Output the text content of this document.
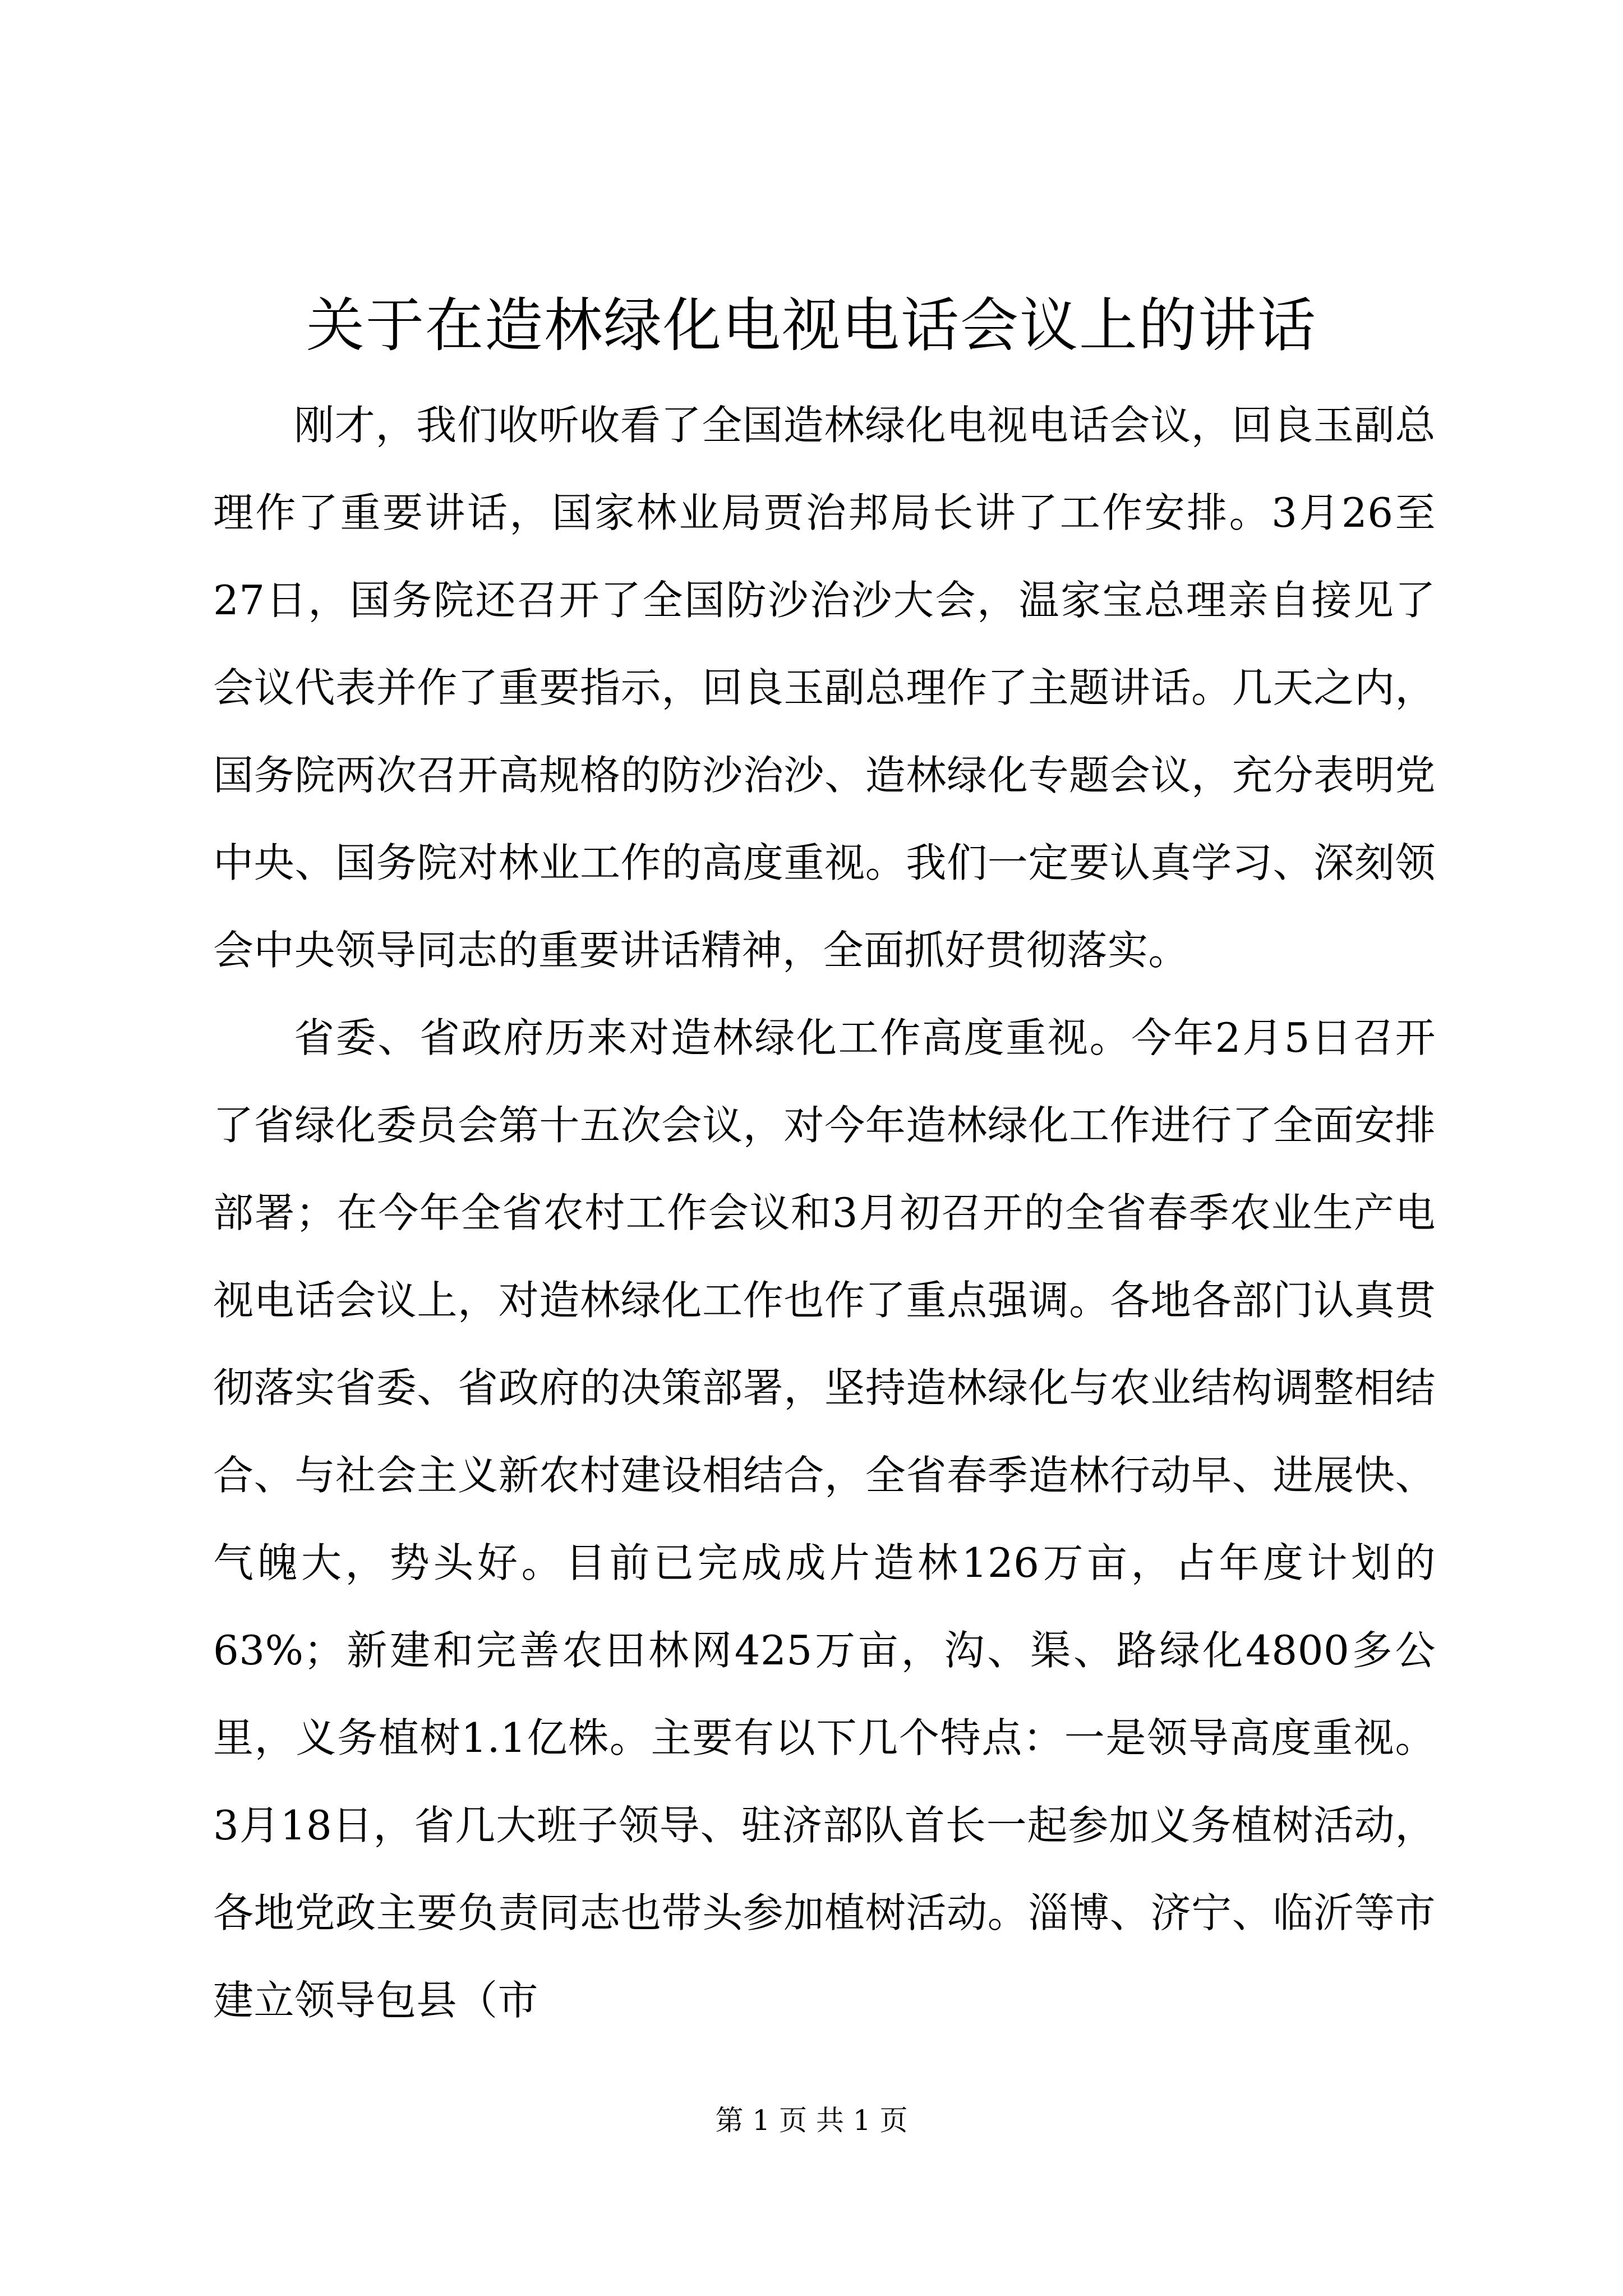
关于在造林绿化电视电话会议上的讲话

刚才，我们收听收看了全国造林绿化电视电话会议，回良玉副总理作了重要讲话，国家林业局贾治邦局长讲了工作安排。3月26至27日，国务院还召开了全国防沙治沙大会，温家宝总理亲自接见了会议代表并作了重要指示，回良玉副总理作了主题讲话。几天之内，国务院两次召开高规格的防沙治沙、造林绿化专题会议，充分表明党中央、国务院对林业工作的高度重视。我们一定要认真学习、深刻领会中央领导同志的重要讲话精神，全面抓好贯彻落实。

省委、省政府历来对造林绿化工作高度重视。今年2月5日召开了省绿化委员会第十五次会议，对今年造林绿化工作进行了全面安排部署；在今年全省农村工作会议和3月初召开的全省春季农业生产电视电话会议上，对造林绿化工作也作了重点强调。各地各部门认真贯彻落实省委、省政府的决策部署，坚持造林绿化与农业结构调整相结合、与社会主义新农村建设相结合，全省春季造林行动早、进展快、气魄大，势头好。目前已完成成片造林126万亩，占年度计划的63%；新建和完善农田林网425万亩，沟、渠、路绿化4800多公里，义务植树1.1亿株。主要有以下几个特点：一是领导高度重视。3月18日，省几大班子领导、驻济部队首长一起参加义务植树活动，各地党政主要负责同志也带头参加植树活动。淄博、济宁、临沂等市建立领导包县（市

第 1 页 共 1 页
